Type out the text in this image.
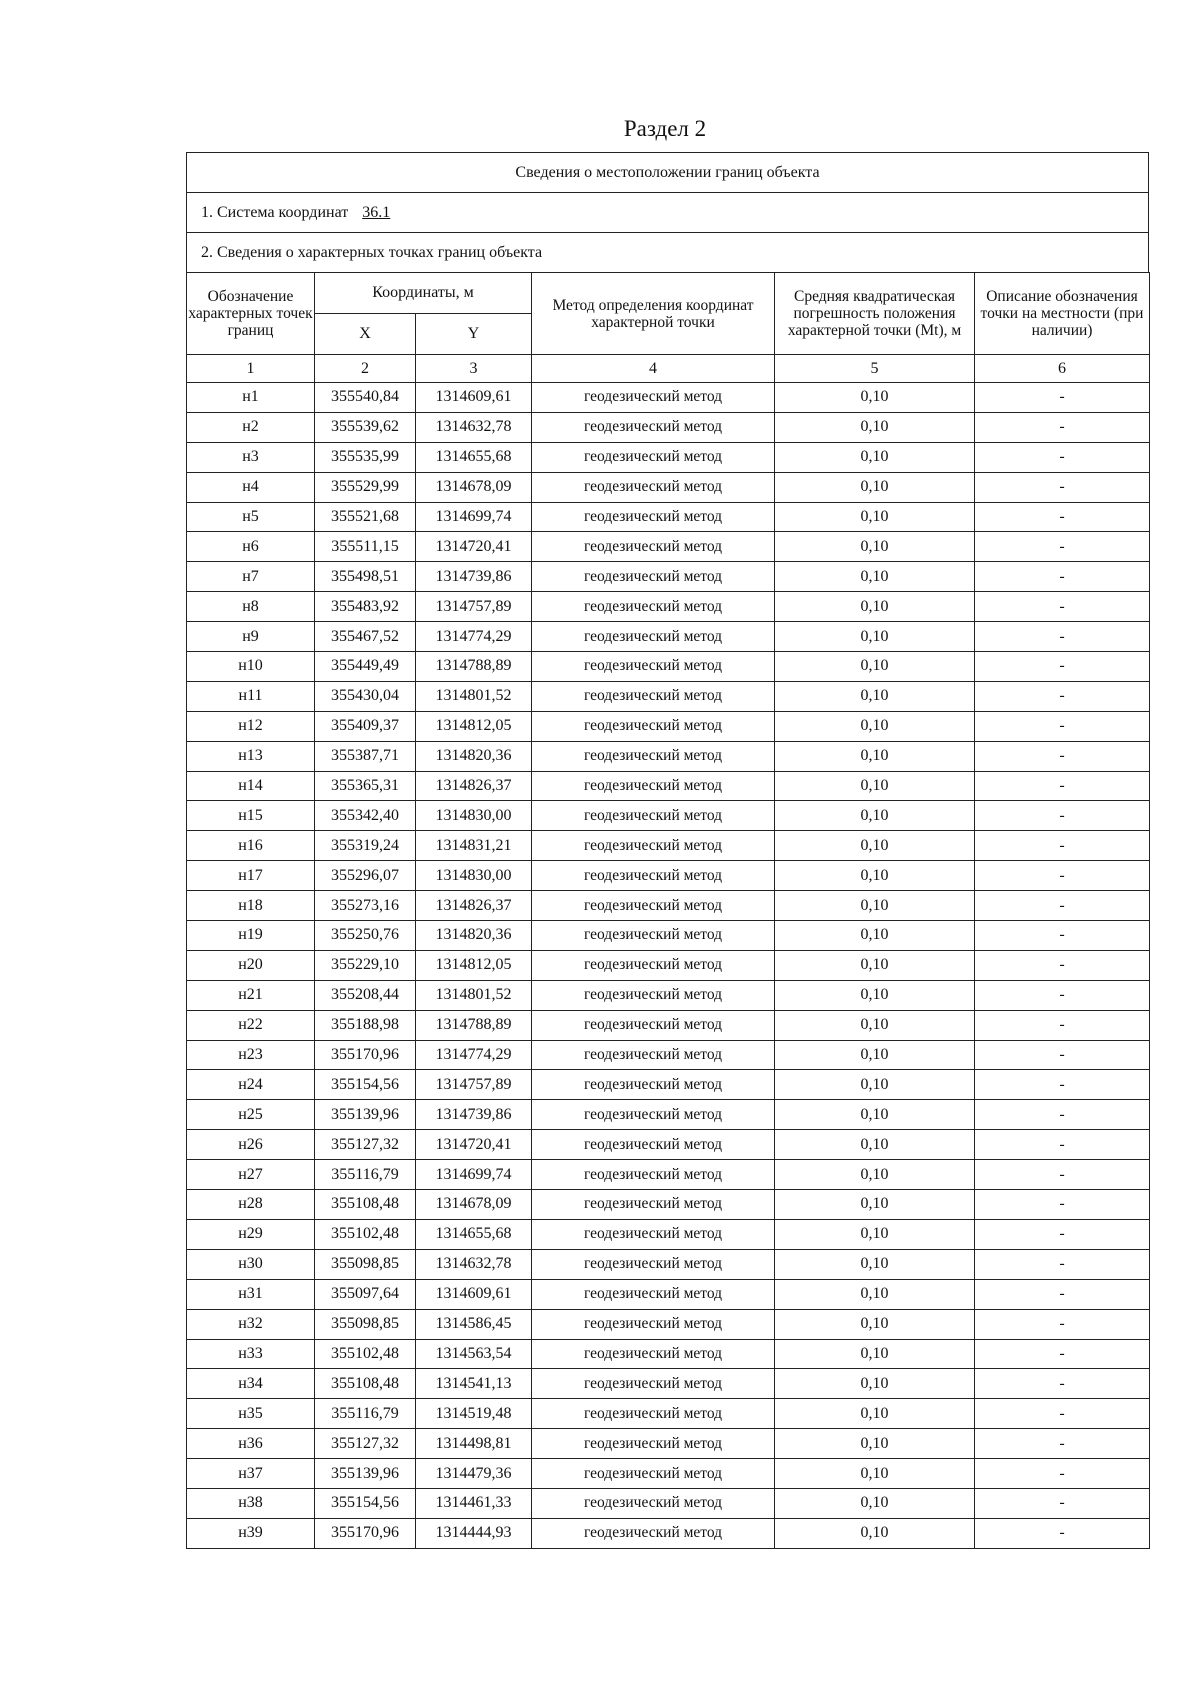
Раздел 2
Сведения о местоположении границ объекта
1. Система координат 36.1
2. Сведения о характерных точках границ объекта
Обозначение характерных точек границ	Координаты, м		Метод определения координат характерной точки	Средняя квадратическая погрешность положения характерной точки (Mt), м	Описание обозначения точки на местности (при наличии)
	X	Y			
1	2	3	4	5	6
н1	355540,84	1314609,61	геодезический метод	0,10	-
н2	355539,62	1314632,78	геодезический метод	0,10	-
н3	355535,99	1314655,68	геодезический метод	0,10	-
н4	355529,99	1314678,09	геодезический метод	0,10	-
н5	355521,68	1314699,74	геодезический метод	0,10	-
н6	355511,15	1314720,41	геодезический метод	0,10	-
н7	355498,51	1314739,86	геодезический метод	0,10	-
н8	355483,92	1314757,89	геодезический метод	0,10	-
н9	355467,52	1314774,29	геодезический метод	0,10	-
н10	355449,49	1314788,89	геодезический метод	0,10	-
н11	355430,04	1314801,52	геодезический метод	0,10	-
н12	355409,37	1314812,05	геодезический метод	0,10	-
н13	355387,71	1314820,36	геодезический метод	0,10	-
н14	355365,31	1314826,37	геодезический метод	0,10	-
н15	355342,40	1314830,00	геодезический метод	0,10	-
н16	355319,24	1314831,21	геодезический метод	0,10	-
н17	355296,07	1314830,00	геодезический метод	0,10	-
н18	355273,16	1314826,37	геодезический метод	0,10	-
н19	355250,76	1314820,36	геодезический метод	0,10	-
н20	355229,10	1314812,05	геодезический метод	0,10	-
н21	355208,44	1314801,52	геодезический метод	0,10	-
н22	355188,98	1314788,89	геодезический метод	0,10	-
н23	355170,96	1314774,29	геодезический метод	0,10	-
н24	355154,56	1314757,89	геодезический метод	0,10	-
н25	355139,96	1314739,86	геодезический метод	0,10	-
н26	355127,32	1314720,41	геодезический метод	0,10	-
н27	355116,79	1314699,74	геодезический метод	0,10	-
н28	355108,48	1314678,09	геодезический метод	0,10	-
н29	355102,48	1314655,68	геодезический метод	0,10	-
н30	355098,85	1314632,78	геодезический метод	0,10	-
н31	355097,64	1314609,61	геодезический метод	0,10	-
н32	355098,85	1314586,45	геодезический метод	0,10	-
н33	355102,48	1314563,54	геодезический метод	0,10	-
н34	355108,48	1314541,13	геодезический метод	0,10	-
н35	355116,79	1314519,48	геодезический метод	0,10	-
н36	355127,32	1314498,81	геодезический метод	0,10	-
н37	355139,96	1314479,36	геодезический метод	0,10	-
н38	355154,56	1314461,33	геодезический метод	0,10	-
н39	355170,96	1314444,93	геодезический метод	0,10	-
